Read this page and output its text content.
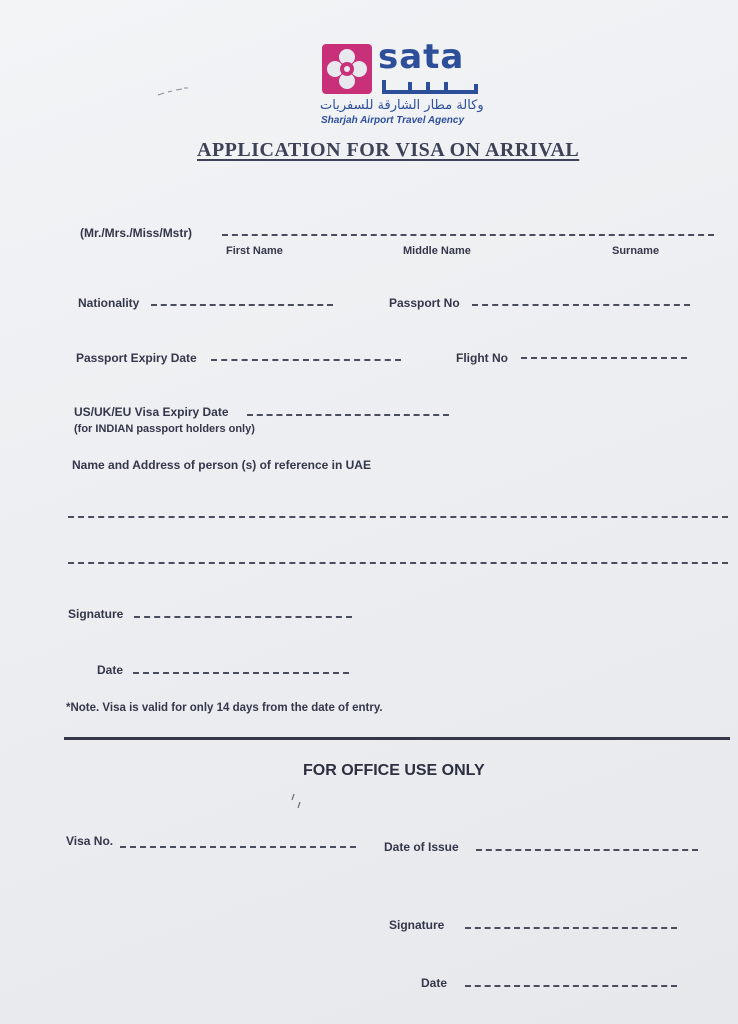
sata
وكالة مطار الشارقة للسفريات
Sharjah Airport Travel Agency
APPLICATION FOR VISA ON ARRIVAL
(Mr./Mrs./Miss/Mstr)
First Name	Middle Name	Surname
Nationality	Passport No
Passport Expiry Date	Flight No
US/UK/EU Visa Expiry Date
(for INDIAN passport holders only)
Name and Address of person (s) of reference in UAE
Signature
Date
*Note. Visa is valid for only 14 days from the date of entry.
FOR OFFICE USE ONLY
Visa No.	Date of Issue
Signature
Date
